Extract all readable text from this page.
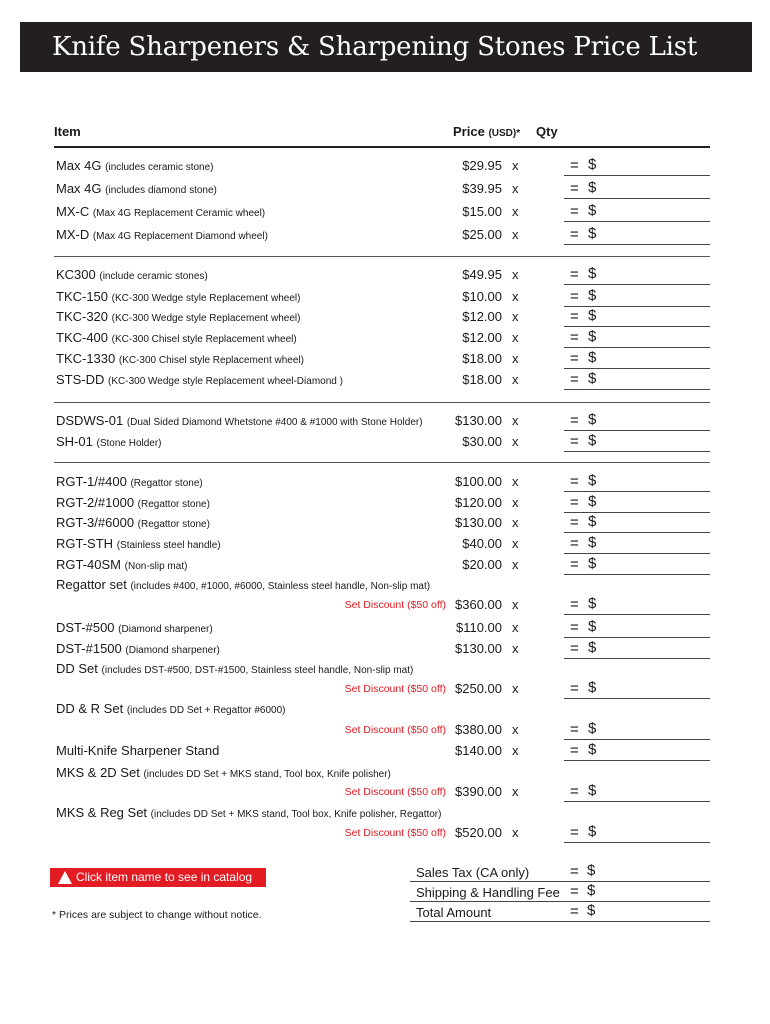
Knife Sharpeners & Sharpening Stones Price List
Item	Price (USD)* Qty
Max 4G (includes ceramic stone)	$29.95 x	= $
Max 4G (includes diamond stone)	$39.95 x	= $
MX-C (Max 4G Replacement Ceramic wheel)	$15.00 x	= $
MX-D (Max 4G Replacement Diamond wheel)	$25.00 x	= $
KC300 (include ceramic stones)	$49.95 x	= $
TKC-150 (KC-300 Wedge style Replacement wheel)	$10.00 x	= $
TKC-320 (KC-300 Wedge style Replacement wheel)	$12.00 x	= $
TKC-400 (KC-300 Chisel style Replacement wheel)	$12.00 x	= $
TKC-1330 (KC-300 Chisel style Replacement wheel)	$18.00 x	= $
STS-DD (KC-300 Wedge style Replacement wheel-Diamond )	$18.00 x	= $
DSDWS-01 (Dual Sided Diamond Whetstone #400 & #1000 with Stone Holder) $130.00 x	= $
SH-01 (Stone Holder)	$30.00 x	= $
RGT-1/#400 (Regattor stone)	$100.00 x	= $
RGT-2/#1000 (Regattor stone)	$120.00 x	= $
RGT-3/#6000 (Regattor stone)	$130.00 x	= $
RGT-STH (Stainless steel handle)	$40.00 x	= $
RGT-40SM (Non-slip mat)	$20.00 x	= $
Regattor set (includes #400, #1000, #6000, Stainless steel handle, Non-slip mat)
Set Discount ($50 off) $360.00 x	= $
DST-#500 (Diamond sharpener)	$110.00 x	= $
DST-#1500 (Diamond sharpener)	$130.00 x	= $
DD Set (includes DST-#500, DST-#1500, Stainless steel handle, Non-slip mat)
Set Discount ($50 off) $250.00 x	= $
DD & R Set (includes DD Set + Regattor #6000)
Set Discount ($50 off) $380.00 x	= $
Multi-Knife Sharpener Stand	$140.00 x	= $
MKS & 2D Set (includes DD Set + MKS stand, Tool box, Knife polisher)
Set Discount ($50 off) $390.00 x	= $
MKS & Reg Set (includes DD Set + MKS stand, Tool box, Knife polisher, Regattor)
Set Discount ($50 off) $520.00 x	= $
Click item name to see in catalog
* Prices are subject to change without notice.
Sales Tax (CA only)	= $
Shipping & Handling Fee = $
Total Amount	= $
